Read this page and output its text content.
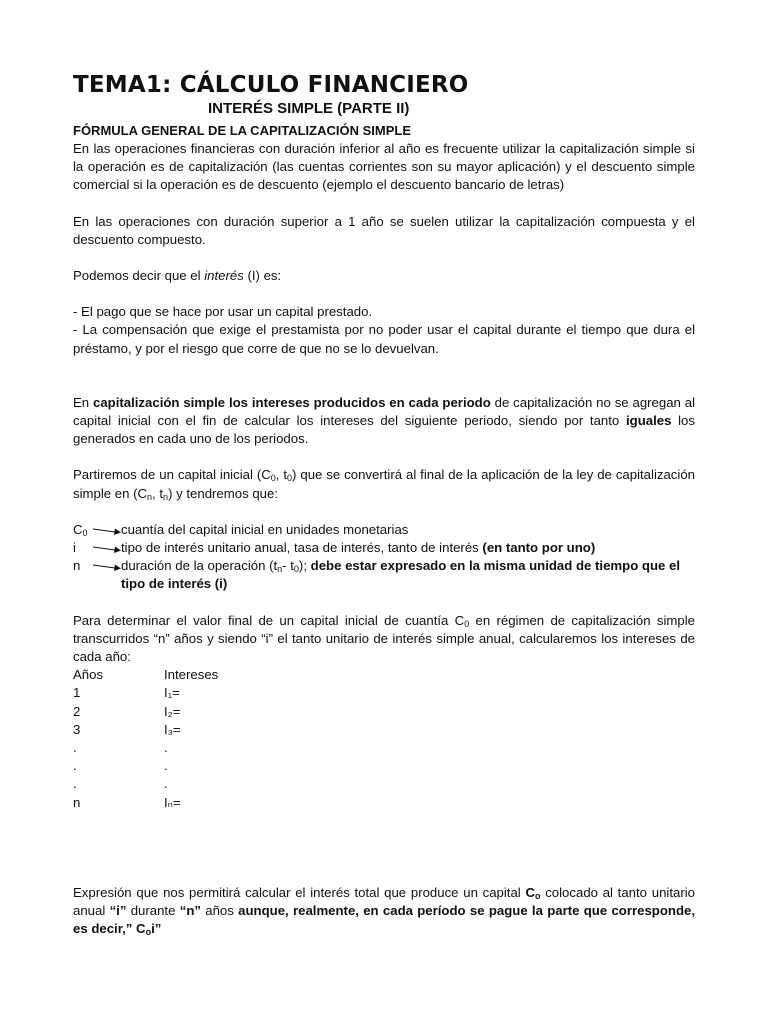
TEMA1: CÁLCULO FINANCIERO
INTERÉS SIMPLE (PARTE II)
FÓRMULA GENERAL DE LA CAPITALIZACIÓN SIMPLE

En las operaciones financieras con duración inferior al año es frecuente utilizar la capitalización simple si la operación es de capitalización (las cuentas corrientes son su mayor aplicación) y el descuento simple comercial si la operación es de descuento (ejemplo el descuento bancario de letras)

En las operaciones con duración superior a 1 año se suelen utilizar la capitalización compuesta y el descuento compuesto.

Podemos decir que el interés (I) es:

- El pago que se hace por usar un capital prestado.

- La compensación que exige el prestamista por no poder usar el capital durante el tiempo que dura el préstamo, y por el riesgo que corre de que no se lo devuelvan.

En capitalización simple los intereses producidos en cada periodo de capitalización no se agregan al capital inicial con el fin de calcular los intereses del siguiente periodo, siendo por tanto iguales los generados en cada uno de los periodos.

Partiremos de un capital inicial ($C_0$, $t_0$) que se convertirá al final de la aplicación de la ley de capitalización simple en ($C_n$, $t_n$) y tendremos que:

$C_0$	cuantía del capital inicial en unidades monetarias
i	tipo de interés unitario anual, tasa de interés, tanto de interés (en tanto por uno)
n	duración de la operación ($t_n-$ $t_0$); debe estar expresado en la misma unidad de tiempo que el tipo de interés (i)

Para determinar el valor final de un capital inicial de cuantía $C_0$ en régimen de capitalización simple transcurridos “n” años y siendo “i” el tanto unitario de interés simple anual, calcularemos los intereses de cada año:

Años	Intereses
1	I₁=
2	I₂=
3	I₃=
.	.
.	.
.	.
n	Iₙ=

Expresión que nos permitirá calcular el interés total que produce un capital $C_o$ colocado al tanto unitario anual “i” durante “n” años aunque, realmente, en cada período se pague la parte que corresponde, es decir,” $C_oi$”
